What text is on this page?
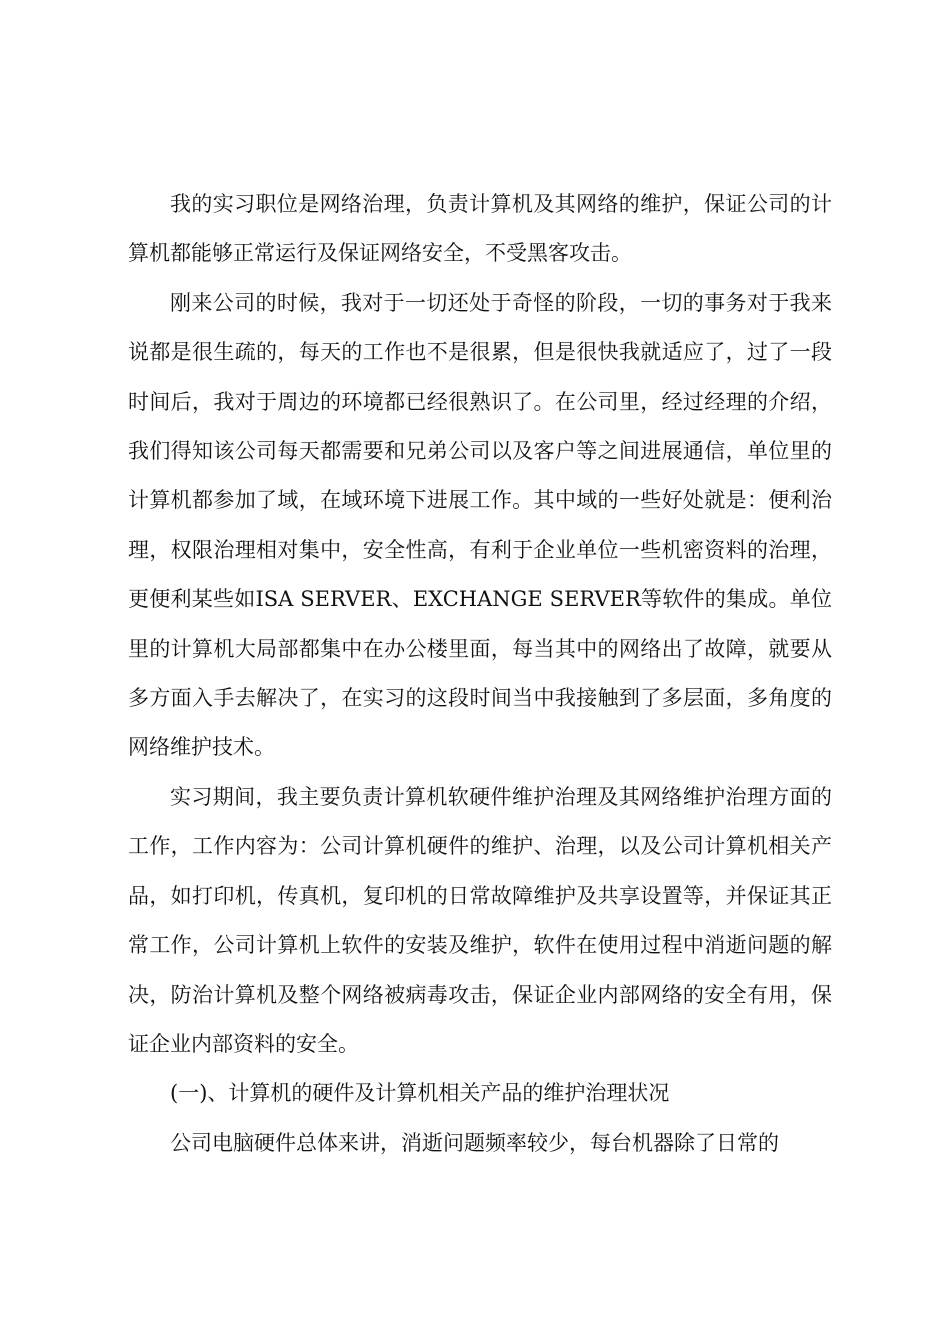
我的实习职位是网络治理，负责计算机及其网络的维护，保证公司的计算机都能够正常运行及保证网络安全，不受黑客攻击。

刚来公司的时候，我对于一切还处于奇怪的阶段，一切的事务对于我来说都是很生疏的，每天的工作也不是很累，但是很快我就适应了，过了一段时间后，我对于周边的环境都已经很熟识了。在公司里，经过经理的介绍，我们得知该公司每天都需要和兄弟公司以及客户等之间进展通信，单位里的计算机都参加了域，在域环境下进展工作。其中域的一些好处就是：便利治理，权限治理相对集中，安全性高，有利于企业单位一些机密资料的治理，更便利某些如ISA SERVER、EXCHANGE SERVER等软件的集成。单位里的计算机大局部都集中在办公楼里面，每当其中的网络出了故障，就要从多方面入手去解决了，在实习的这段时间当中我接触到了多层面，多角度的网络维护技术。

实习期间，我主要负责计算机软硬件维护治理及其网络维护治理方面的工作，工作内容为：公司计算机硬件的维护、治理，以及公司计算机相关产品，如打印机，传真机，复印机的日常故障维护及共享设置等，并保证其正常工作，公司计算机上软件的安装及维护，软件在使用过程中消逝问题的解决，防治计算机及整个网络被病毒攻击，保证企业内部网络的安全有用，保证企业内部资料的安全。

(一)、计算机的硬件及计算机相关产品的维护治理状况

公司电脑硬件总体来讲，消逝问题频率较少，每台机器除了日常的
